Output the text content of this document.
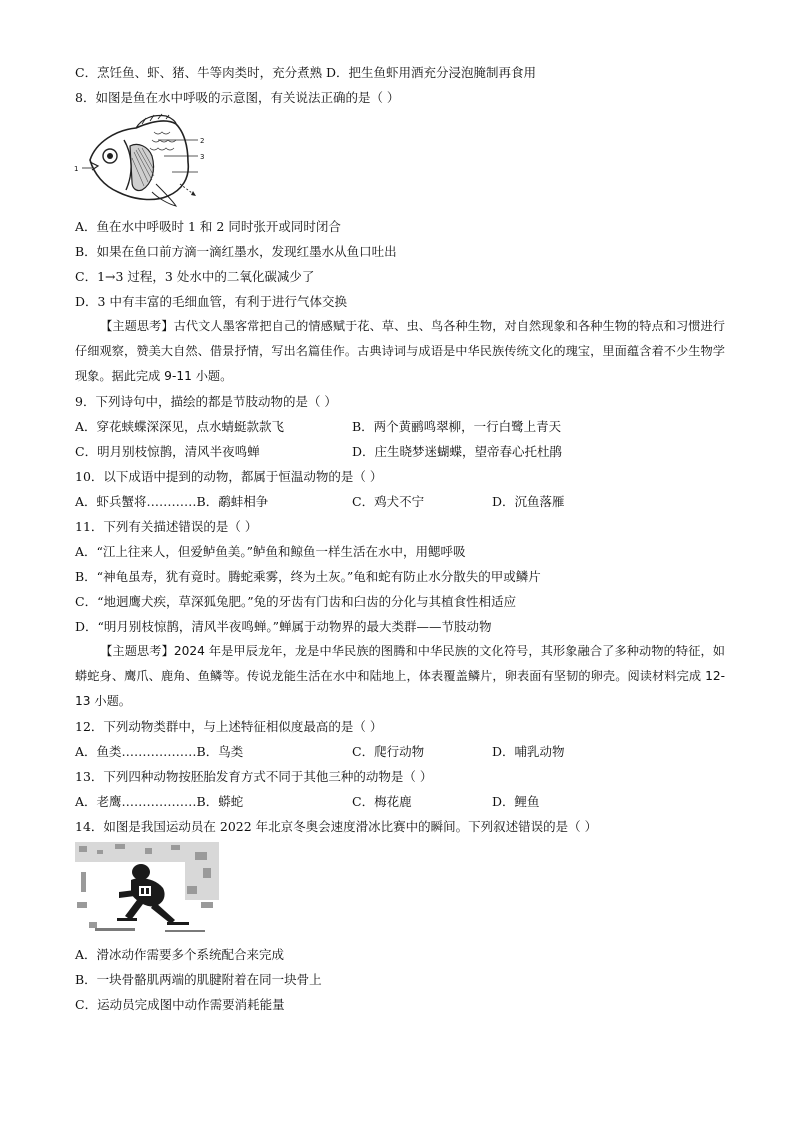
C．烹饪鱼、虾、猪、牛等肉类时，充分煮熟 D．把生鱼虾用酒充分浸泡腌制再食用
8．如图是鱼在水中呼吸的示意图，有关说法正确的是（ ）
1
2
3
A．鱼在水中呼吸时 1 和 2 同时张开或同时闭合
B．如果在鱼口前方滴一滴红墨水，发现红墨水从鱼口吐出
C．1→3 过程，3 处水中的二氧化碳减少了
D．3 中有丰富的毛细血管，有利于进行气体交换
【主题思考】古代文人墨客常把自己的情感赋于花、草、虫、鸟各种生物，对自然现象和各种生物的特点和习惯进行仔细观察，赞美大自然、借景抒情，写出名篇佳作。古典诗词与成语是中华民族传统文化的瑰宝，里面蕴含着不少生物学现象。据此完成 9-11 小题。
9．下列诗句中，描绘的都是节肢动物的是（ ）
A．穿花蛱蝶深深见，点水蜻蜓款款飞	B．两个黄鹂鸣翠柳，一行白鹭上青天
C．明月别枝惊鹊，清风半夜鸣蝉	D．庄生晓梦迷蝴蝶，望帝春心托杜鹃
10．以下成语中提到的动物，都属于恒温动物的是（ ）
A．虾兵蟹将…………B．鹬蚌相争	C．鸡犬不宁	D．沉鱼落雁
11．下列有关描述错误的是（ ）
A．“江上往来人，但爱鲈鱼美。”鲈鱼和鲸鱼一样生活在水中，用鳃呼吸
B．“神龟虽寿，犹有竟时。腾蛇乘雾，终为土灰。”龟和蛇有防止水分散失的甲或鳞片
C．“地迥鹰犬疾，草深狐兔肥。”兔的牙齿有门齿和臼齿的分化与其植食性相适应
D．“明月别枝惊鹊，清风半夜鸣蝉。”蝉属于动物界的最大类群——节肢动物
【主题思考】2024 年是甲辰龙年，龙是中华民族的图腾和中华民族的文化符号，其形象融合了多种动物的特征，如蟒蛇身、鹰爪、鹿角、鱼鳞等。传说龙能生活在水中和陆地上，体表覆盖鳞片，卵表面有坚韧的卵壳。阅读材料完成 12-13 小题。
12．下列动物类群中，与上述特征相似度最高的是（ ）
A．鱼类………………B．鸟类	C．爬行动物	D．哺乳动物
13．下列四种动物按胚胎发育方式不同于其他三种的动物是（ ）
A．老鹰………………B．蟒蛇	C．梅花鹿	D．鲤鱼
14．如图是我国运动员在 2022 年北京冬奥会速度滑冰比赛中的瞬间。下列叙述错误的是（ ）
A．滑冰动作需要多个系统配合来完成
B．一块骨骼肌两端的肌腱附着在同一块骨上
C．运动员完成图中动作需要消耗能量
